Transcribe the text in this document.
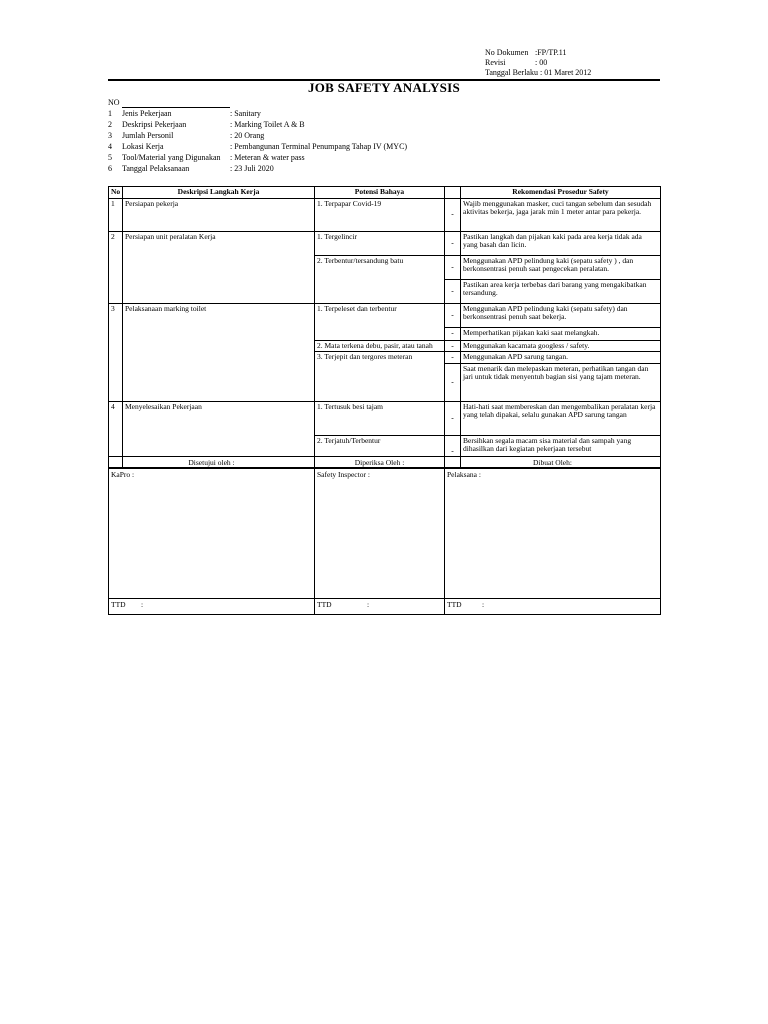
No Dokumen :FP/TP.11
Revisi	: 00
Tanggal Berlaku : 01 Maret 2012
JOB SAFETY ANALYSIS
NO
1	Jenis Pekerjaan	: Sanitary
2	Deskripsi Pekerjaan	: Marking Toilet A & B
3	Jumlah Personil	: 20 Orang
4	Lokasi Kerja	: Pembangunan Terminal Penumpang Tahap IV (MYC)
5	Tool/Material yang Digunakan	: Meteran & water pass
6	Tanggal Pelaksanaan	: 23 Juli 2020
No	Deskripsi Langkah Kerja	Potensi Bahaya		Rekomendasi Prosedur Safety
1	Persiapan pekerja	1. Terpapar Covid-19	-	Wajib menggunakan masker, cuci tangan sebelum dan sesudah aktivitas bekerja, jaga jarak min 1 meter antar para pekerja.
2	Persiapan unit peralatan Kerja	1. Tergelincir	-	Pastikan langkah dan pijakan kaki pada area kerja tidak ada yang basah dan licin.
		2. Terbentur/tersandung batu	-	Menggunakan APD pelindung kaki (sepatu safety ) , dan berkonsentrasi penuh saat pengecekan peralatan.
			-	Pastikan area kerja terbebas dari barang yang mengakibatkan tersandung.
3	Pelaksanaan marking toilet	1. Terpeleset dan terbentur	-	Menggunakan APD pelindung kaki (sepatu safety) dan berkonsentrasi penuh saat bekerja.
			-	Memperhatikan pijakan kaki saat melangkah.
		2. Mata terkena debu, pasir, atau tanah	-	Menggunakan kacamata googless / safety.
		3. Terjepit dan tergores meteran	-	Menggunakan APD sarung tangan.
			-	Saat menarik dan melepaskan meteran, perhatikan tangan dan jari untuk tidak menyentuh bagian sisi yang tajam meteran.
4	Menyelesaikan Pekerjaan	1. Tertusuk besi tajam	-	Hati-hati saat membereskan dan mengembalikan peralatan kerja yang telah dipakai, selalu gunakan APD sarung tangan
		2. Terjatuh/Terbentur	-	Bersihkan segala macam sisa material dan sampah yang dihasilkan dari kegiatan pekerjaan tersebut
Disetujui oleh :	Diperiksa Oleh :	Dibuat Oleh:
KaPro :	Safety Inspector :	Pelaksana :
TTD :	TTD :	TTD :
